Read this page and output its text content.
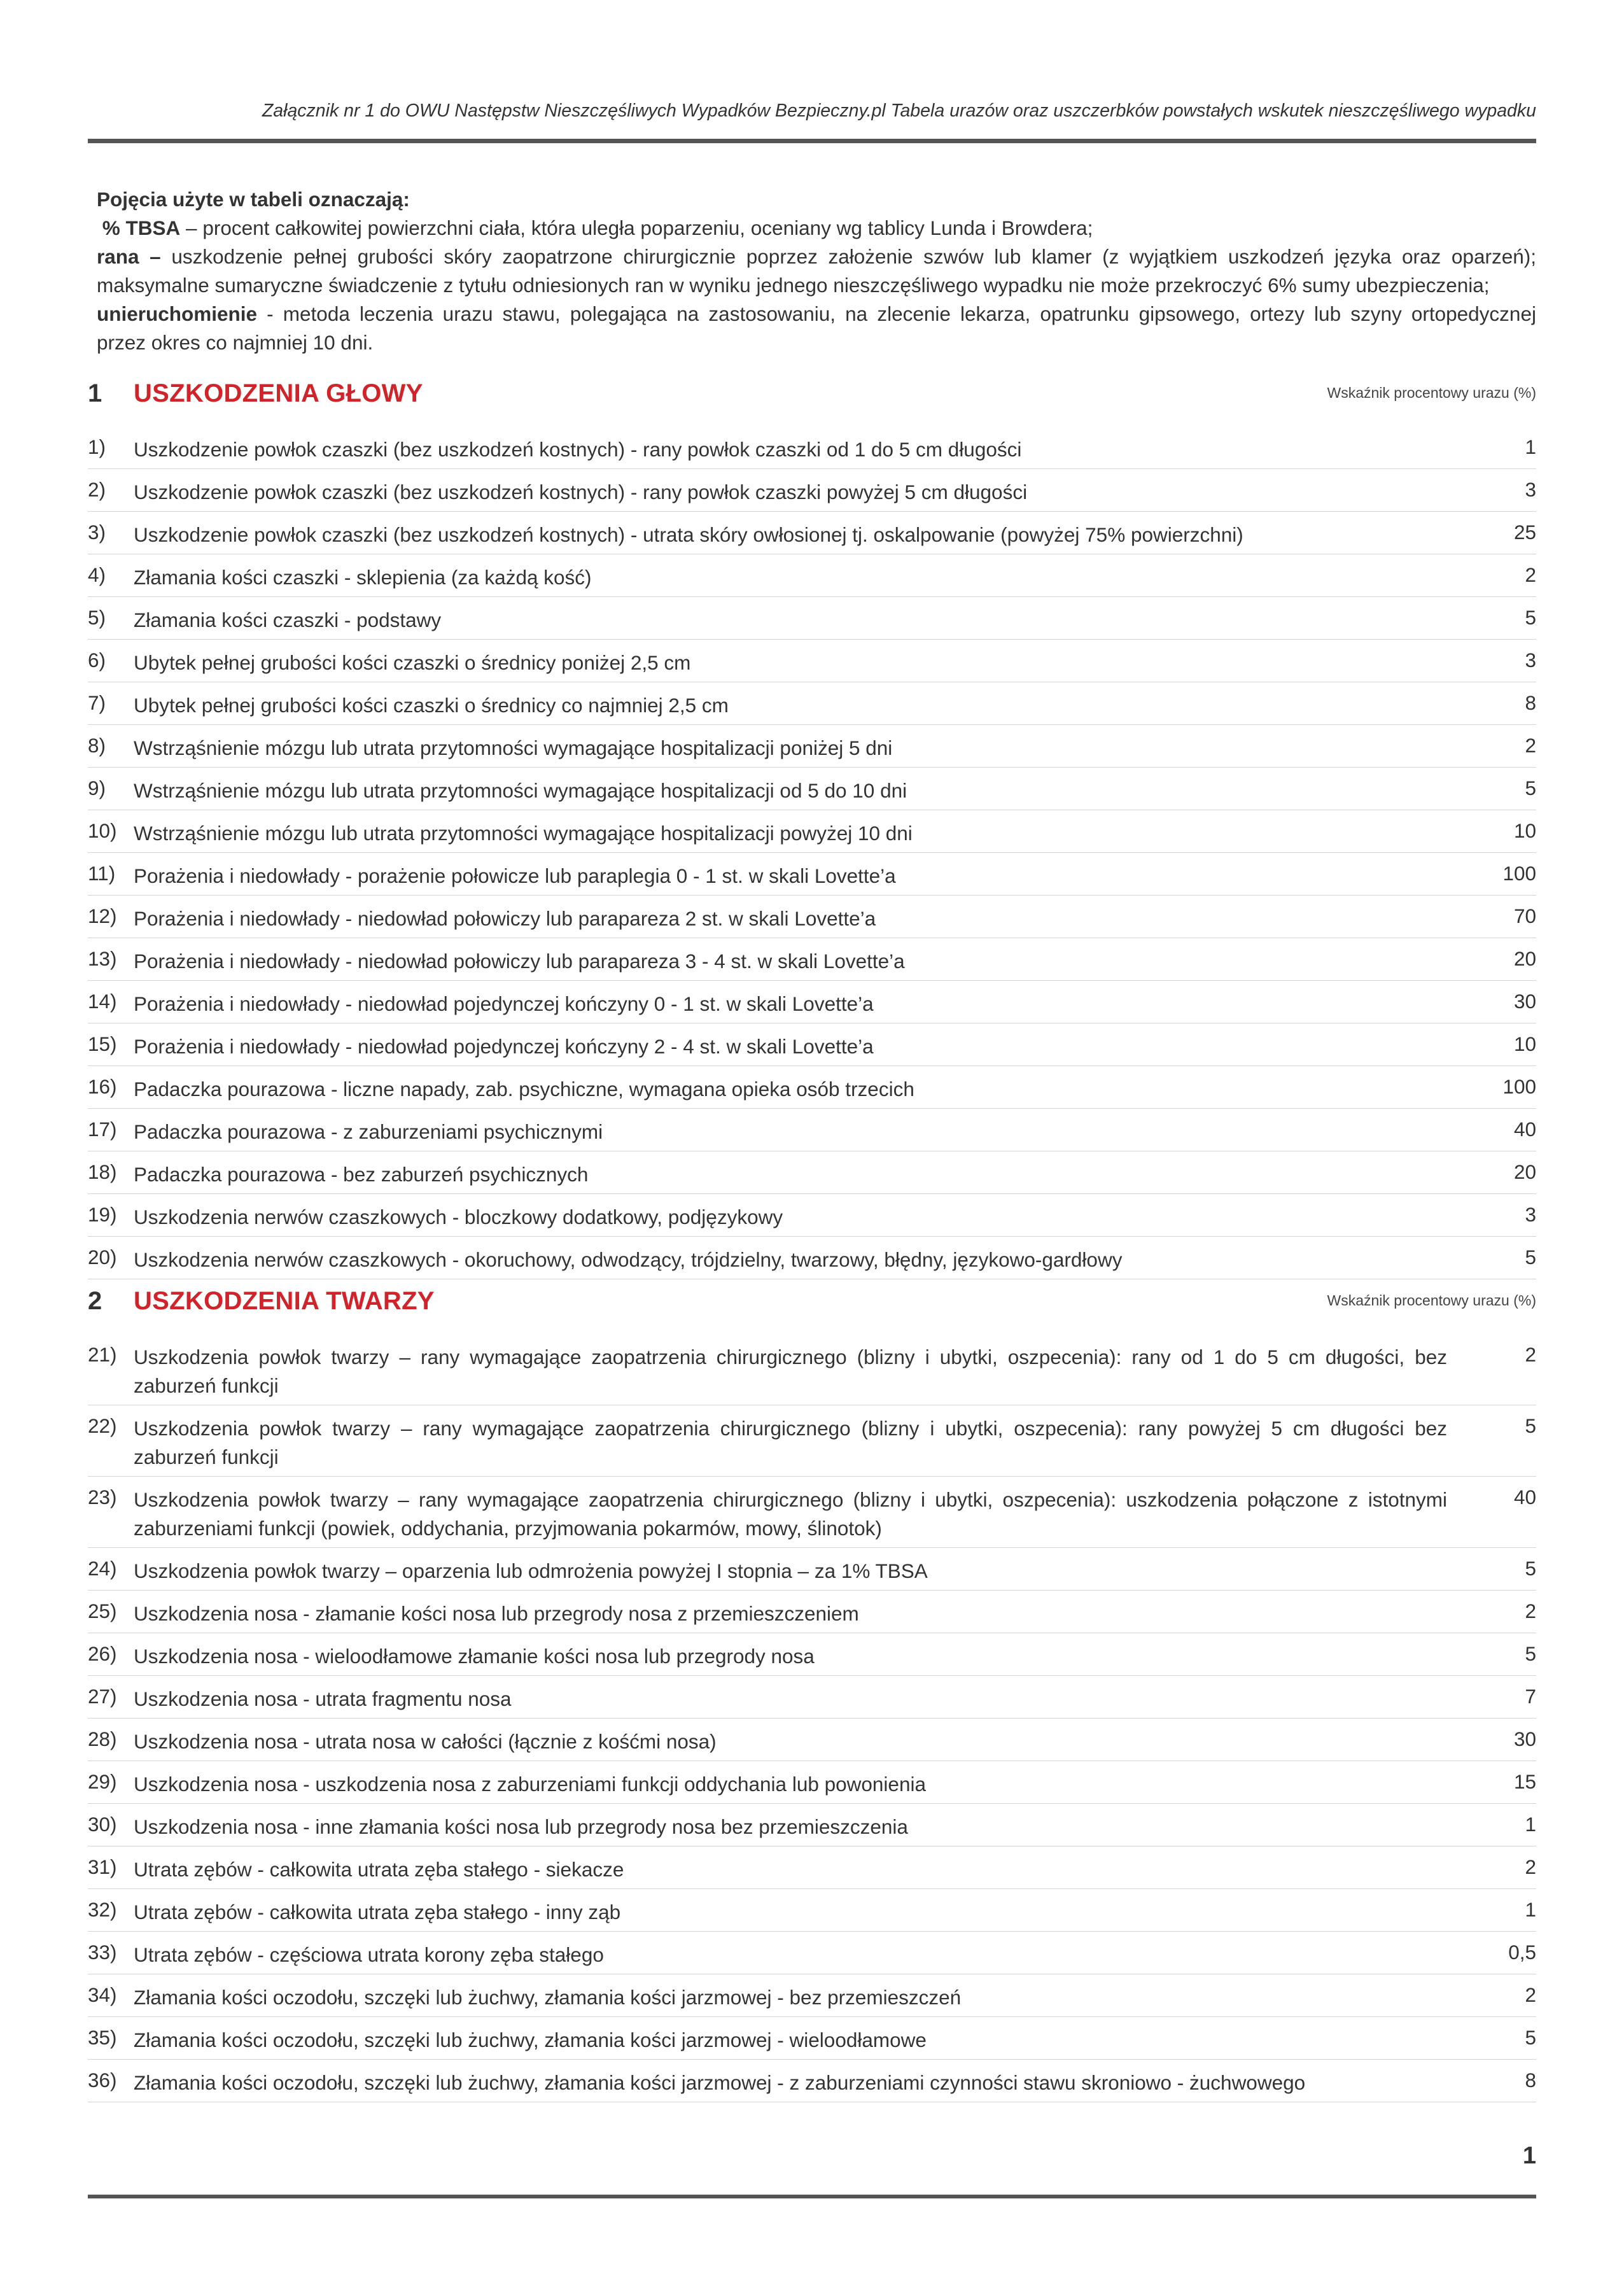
Załącznik nr 1 do OWU Następstw Nieszczęśliwych Wypadków Bezpieczny.pl Tabela urazów oraz uszczerbków powstałych wskutek nieszczęśliwego wypadku

Pojęcia użyte w tabeli oznaczają:

% TBSA – procent całkowitej powierzchni ciała, która uległa poparzeniu, oceniany wg tablicy Lunda i Browdera;

rana – uszkodzenie pełnej grubości skóry zaopatrzone chirurgicznie poprzez założenie szwów lub klamer (z wyjątkiem uszkodzeń języka oraz oparzeń);

maksymalne sumaryczne świadczenie z tytułu odniesionych ran w wyniku jednego nieszczęśliwego wypadku nie może przekroczyć 6% sumy ubezpieczenia;

unieruchomienie - metoda leczenia urazu stawu, polegająca na zastosowaniu, na zlecenie lekarza, opatrunku gipsowego, ortezy lub szyny ortopedycznej

przez okres co najmniej 10 dni.

1 USZKODZENIA GŁOWY	Wskaźnik procentowy urazu (%)
1) Uszkodzenie powłok czaszki (bez uszkodzeń kostnych) - rany powłok czaszki od 1 do 5 cm długości	1
2) Uszkodzenie powłok czaszki (bez uszkodzeń kostnych) - rany powłok czaszki powyżej 5 cm długości	3
3) Uszkodzenie powłok czaszki (bez uszkodzeń kostnych) - utrata skóry owłosionej tj. oskalpowanie (powyżej 75% powierzchni)	25
4) Złamania kości czaszki - sklepienia (za każdą kość)	2
5) Złamania kości czaszki - podstawy	5
6) Ubytek pełnej grubości kości czaszki o średnicy poniżej 2,5 cm	3
7) Ubytek pełnej grubości kości czaszki o średnicy co najmniej 2,5 cm	8
8) Wstrząśnienie mózgu lub utrata przytomności wymagające hospitalizacji poniżej 5 dni	2
9) Wstrząśnienie mózgu lub utrata przytomności wymagające hospitalizacji od 5 do 10 dni	5
10) Wstrząśnienie mózgu lub utrata przytomności wymagające hospitalizacji powyżej 10 dni	10
11) Porażenia i niedowłady - porażenie połowicze lub paraplegia 0 - 1 st. w skali Lovette’a	100
12) Porażenia i niedowłady - niedowład połowiczy lub parapareza 2 st. w skali Lovette’a	70
13) Porażenia i niedowłady - niedowład połowiczy lub parapareza 3 - 4 st. w skali Lovette’a	20
14) Porażenia i niedowłady - niedowład pojedynczej kończyny 0 - 1 st. w skali Lovette’a	30
15) Porażenia i niedowłady - niedowład pojedynczej kończyny 2 - 4 st. w skali Lovette’a	10
16) Padaczka pourazowa - liczne napady, zab. psychiczne, wymagana opieka osób trzecich	100
17) Padaczka pourazowa - z zaburzeniami psychicznymi	40
18) Padaczka pourazowa - bez zaburzeń psychicznych	20
19) Uszkodzenia nerwów czaszkowych - bloczkowy dodatkowy, podjęzykowy	3
20) Uszkodzenia nerwów czaszkowych - okoruchowy, odwodzący, trójdzielny, twarzowy, błędny, językowo-gardłowy	5
2 USZKODZENIA TWARZY	Wskaźnik procentowy urazu (%)
21) Uszkodzenia powłok twarzy – rany wymagające zaopatrzenia chirurgicznego (blizny i ubytki, oszpecenia): rany od 1 do 5 cm długości, bez zaburzeń funkcji
2
22) Uszkodzenia powłok twarzy – rany wymagające zaopatrzenia chirurgicznego (blizny i ubytki, oszpecenia): rany powyżej 5 cm długości bez zaburzeń funkcji
5
23) Uszkodzenia powłok twarzy – rany wymagające zaopatrzenia chirurgicznego (blizny i ubytki, oszpecenia): uszkodzenia połączone z istotnymi zaburzeniami funkcji (powiek, oddychania, przyjmowania pokarmów, mowy, ślinotok)
40
24) Uszkodzenia powłok twarzy – oparzenia lub odmrożenia powyżej I stopnia – za 1% TBSA	5
25) Uszkodzenia nosa - złamanie kości nosa lub przegrody nosa z przemieszczeniem	2
26) Uszkodzenia nosa - wieloodłamowe złamanie kości nosa lub przegrody nosa	5
27) Uszkodzenia nosa - utrata fragmentu nosa	7
28) Uszkodzenia nosa - utrata nosa w całości (łącznie z kośćmi nosa)	30
29) Uszkodzenia nosa - uszkodzenia nosa z zaburzeniami funkcji oddychania lub powonienia	15
30) Uszkodzenia nosa - inne złamania kości nosa lub przegrody nosa bez przemieszczenia	1
31) Utrata zębów - całkowita utrata zęba stałego - siekacze	2
32) Utrata zębów - całkowita utrata zęba stałego - inny ząb	1
33) Utrata zębów - częściowa utrata korony zęba stałego	0,5
34) Złamania kości oczodołu, szczęki lub żuchwy, złamania kości jarzmowej - bez przemieszczeń	2
35) Złamania kości oczodołu, szczęki lub żuchwy, złamania kości jarzmowej - wieloodłamowe	5
36) Złamania kości oczodołu, szczęki lub żuchwy, złamania kości jarzmowej - z zaburzeniami czynności stawu skroniowo - żuchwowego	8
1
